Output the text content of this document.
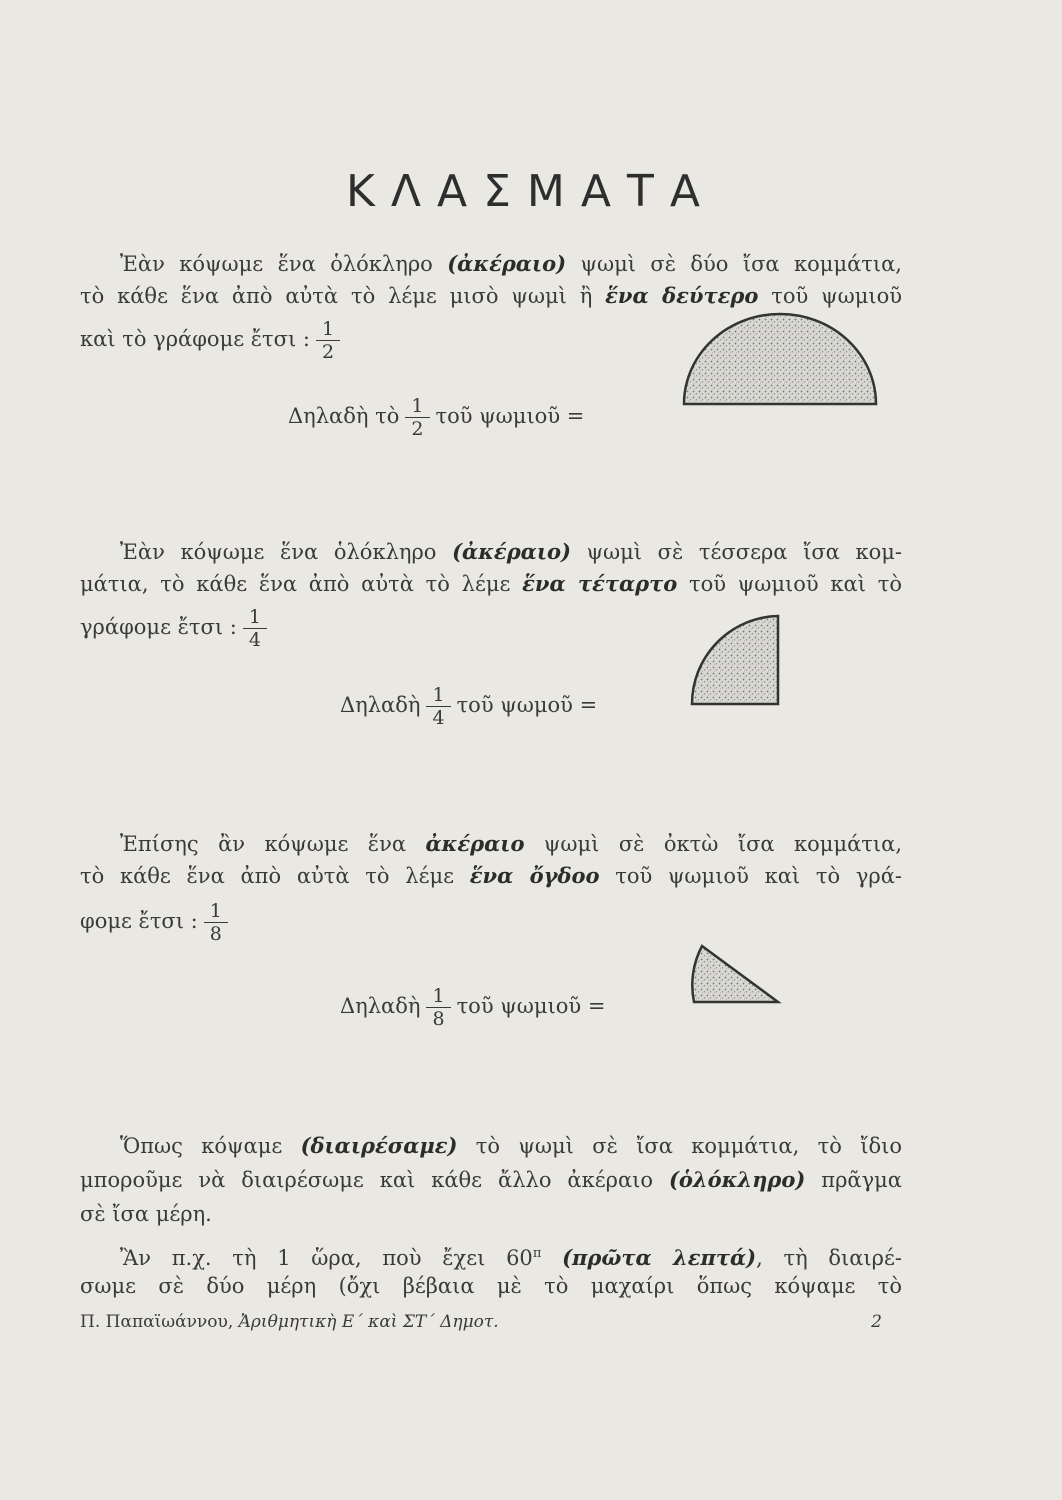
ΚΛΑΣΜΑΤΑ
Ἐὰν κόψωμε ἕνα ὁλόκληρο (ἀκέραιο) ψωμὶ σὲ δύο ἴσα κομμάτια,
τὸ κάθε ἕνα ἀπὸ αὐτὰ τὸ λέμε μισὸ ψωμὶ ἢ ἕνα δεύτερο τοῦ ψωμιοῦ
καὶ τὸ γράφομε ἔτσι : $\frac{1}{2}$
Δηλαδὴ τὸ $\frac{1}{2}$ τοῦ ψωμιοῦ =
Ἐὰν κόψωμε ἕνα ὁλόκληρο (ἀκέραιο) ψωμὶ σὲ τέσσερα ἴσα κομ-
μάτια, τὸ κάθε ἕνα ἀπὸ αὐτὰ τὸ λέμε ἕνα τέταρτο τοῦ ψωμιοῦ καὶ τὸ
γράφομε ἔτσι : $\frac{1}{4}$
Δηλαδὴ $\frac{1}{4}$ τοῦ ψωμοῦ =
Ἐπίσης ἂν κόψωμε ἕνα ἀκέραιο ψωμὶ σὲ ὀκτὼ ἴσα κομμάτια,
τὸ κάθε ἕνα ἀπὸ αὐτὰ τὸ λέμε ἕνα ὄγδοο τοῦ ψωμιοῦ καὶ τὸ γρά-
φομε ἔτσι : $\frac{1}{8}$
Δηλαδὴ $\frac{1}{8}$ τοῦ ψωμιοῦ =
Ὅπως κόψαμε (διαιρέσαμε) τὸ ψωμὶ σὲ ἴσα κομμάτια, τὸ ἴδιο
μποροῦμε νὰ διαιρέσωμε καὶ κάθε ἄλλο ἀκέραιο (ὁλόκληρο) πρᾶγμα
σὲ ἴσα μέρη.
Ἂν π.χ. τὴ 1 ὥρα, ποὺ ἔχει $60^\pi$ (πρῶτα λεπτά), τὴ διαιρέ-
σωμε σὲ δύο μέρη (ὄχι βέβαια μὲ τὸ μαχαίρι ὅπως κόψαμε τὸ
Π. Παπαϊωάννου, Ἀριθμητικὴ Ε΄ καὶ ΣΤ΄ Δημοτ.	2
